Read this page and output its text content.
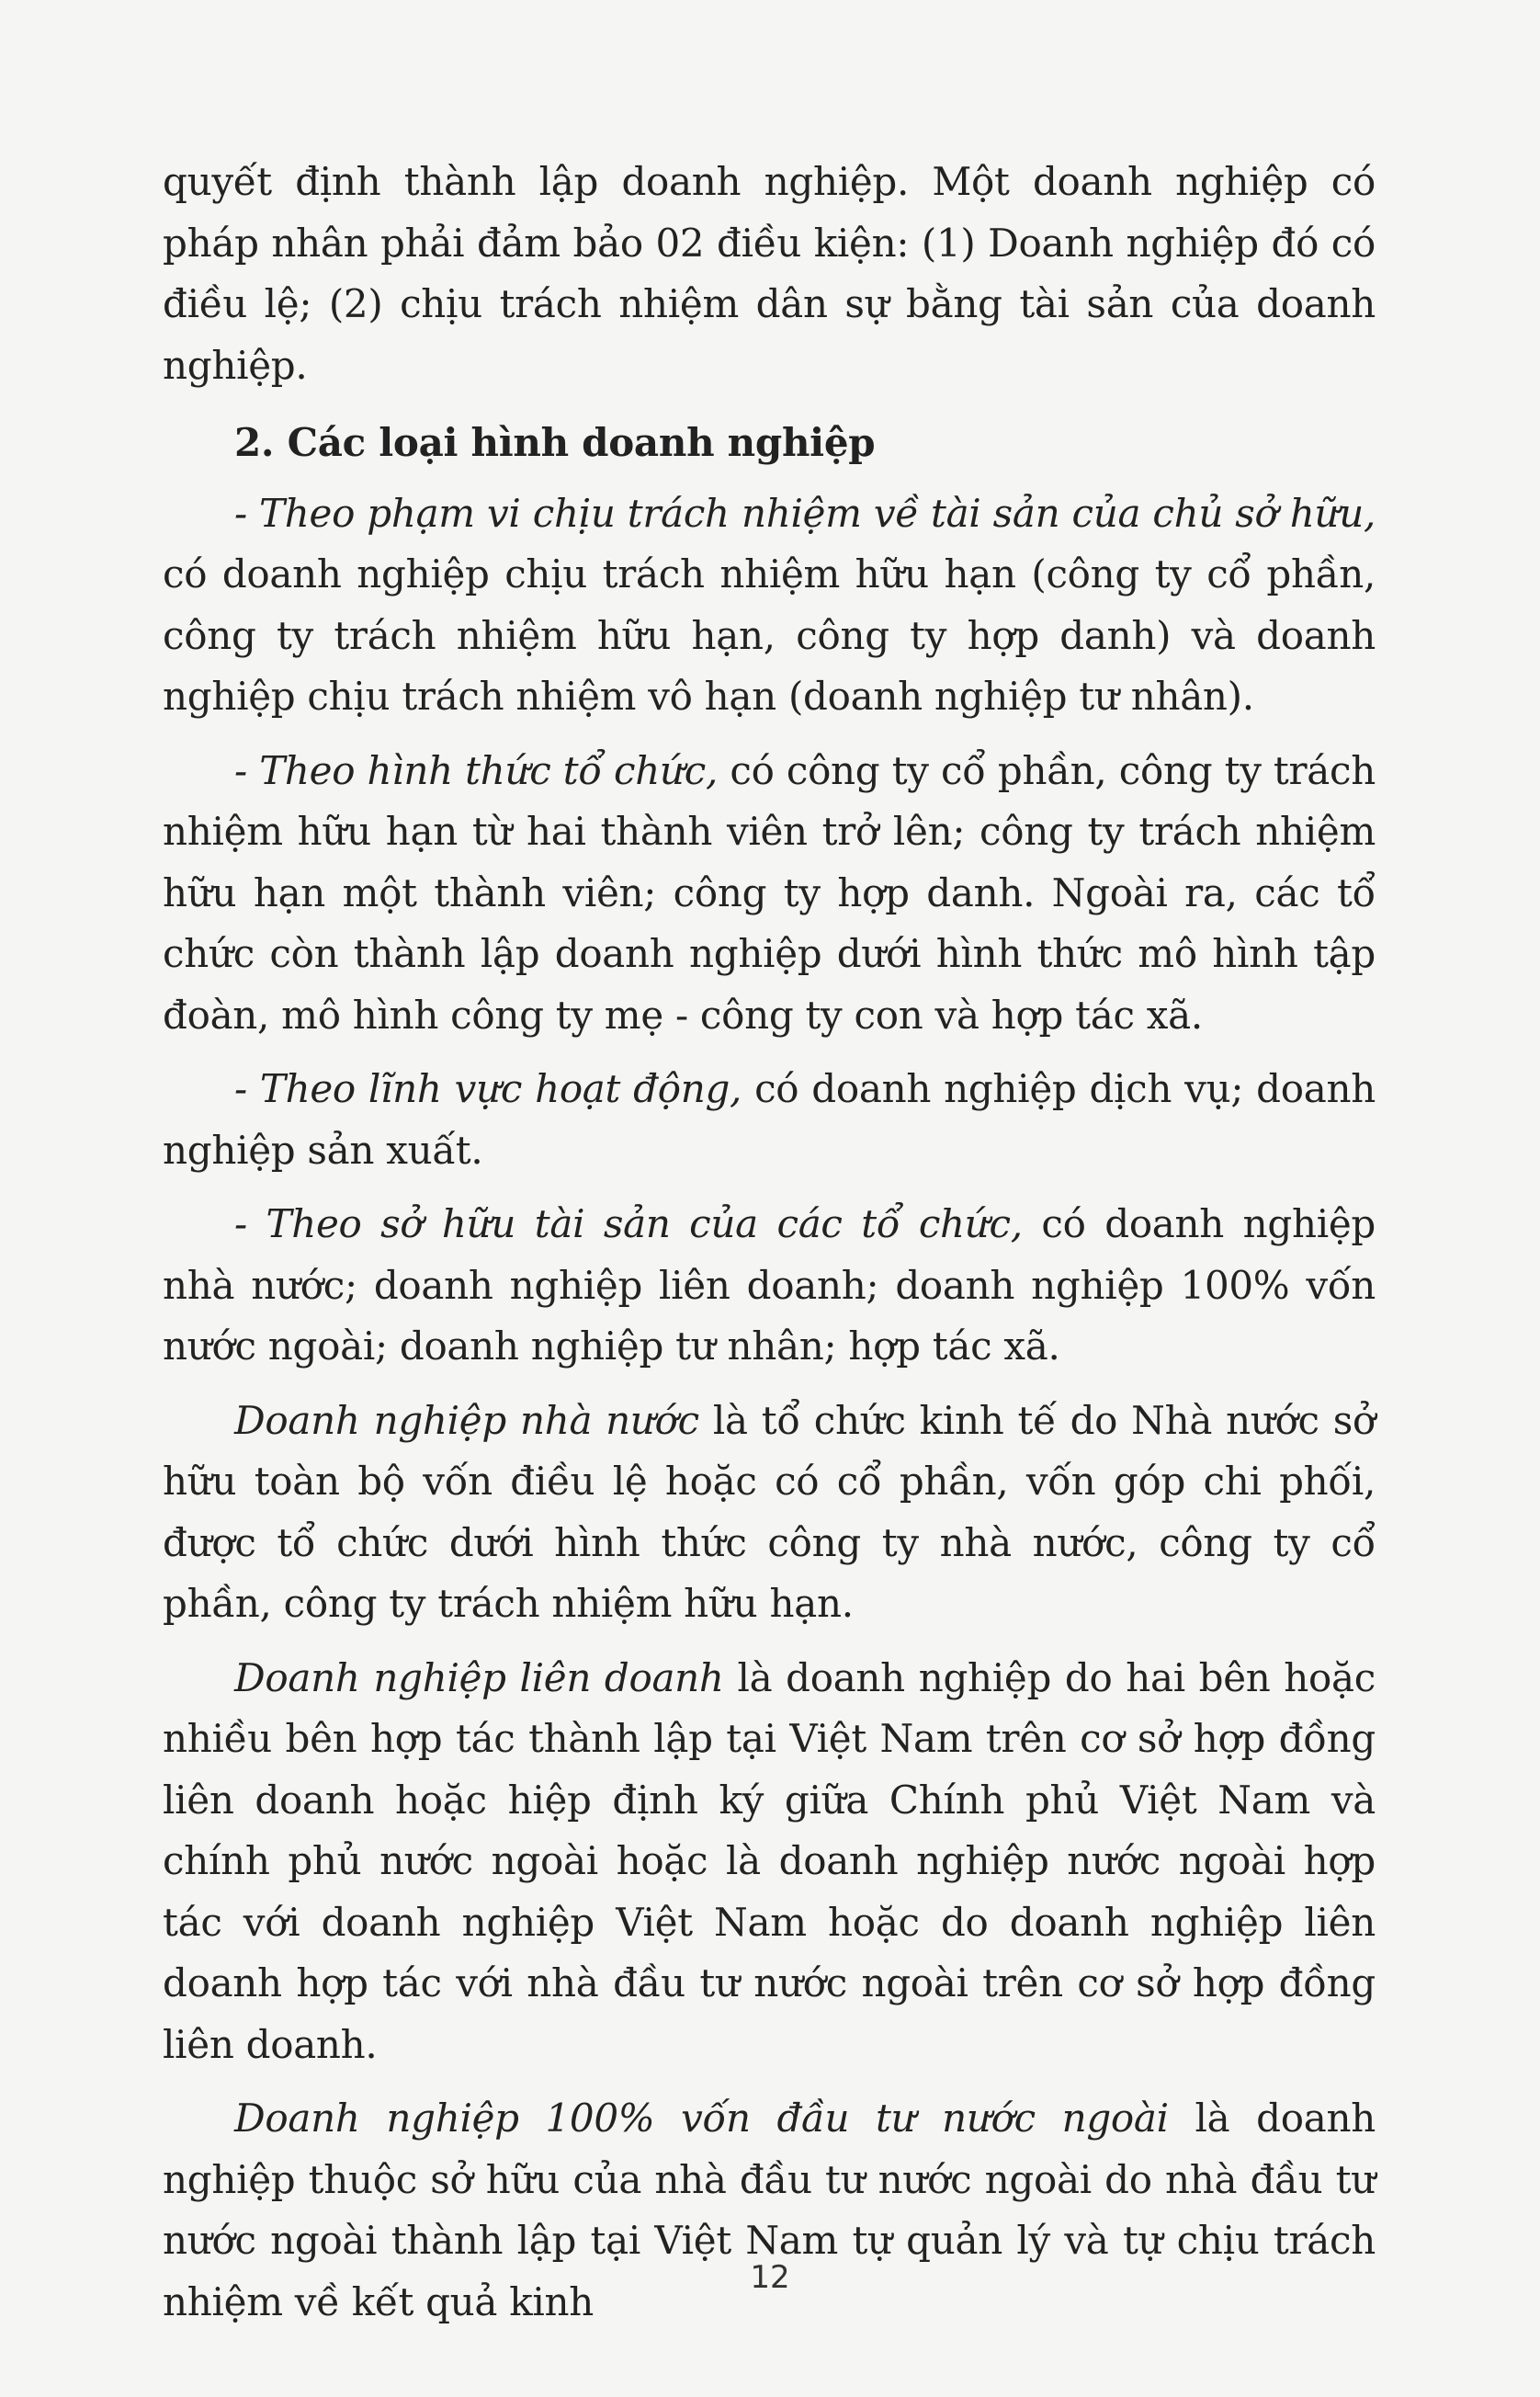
quyết định thành lập doanh nghiệp. Một doanh nghiệp có pháp nhân phải đảm bảo 02 điều kiện: (1) Doanh nghiệp đó có điều lệ; (2) chịu trách nhiệm dân sự bằng tài sản của doanh nghiệp.

2. Các loại hình doanh nghiệp

- Theo phạm vi chịu trách nhiệm về tài sản của chủ sở hữu, có doanh nghiệp chịu trách nhiệm hữu hạn (công ty cổ phần, công ty trách nhiệm hữu hạn, công ty hợp danh) và doanh nghiệp chịu trách nhiệm vô hạn (doanh nghiệp tư nhân).

- Theo hình thức tổ chức, có công ty cổ phần, công ty trách nhiệm hữu hạn từ hai thành viên trở lên; công ty trách nhiệm hữu hạn một thành viên; công ty hợp danh. Ngoài ra, các tổ chức còn thành lập doanh nghiệp dưới hình thức mô hình tập đoàn, mô hình công ty mẹ - công ty con và hợp tác xã.

- Theo lĩnh vực hoạt động, có doanh nghiệp dịch vụ; doanh nghiệp sản xuất.

- Theo sở hữu tài sản của các tổ chức, có doanh nghiệp nhà nước; doanh nghiệp liên doanh; doanh nghiệp 100% vốn nước ngoài; doanh nghiệp tư nhân; hợp tác xã.

Doanh nghiệp nhà nước là tổ chức kinh tế do Nhà nước sở hữu toàn bộ vốn điều lệ hoặc có cổ phần, vốn góp chi phối, được tổ chức dưới hình thức công ty nhà nước, công ty cổ phần, công ty trách nhiệm hữu hạn.

Doanh nghiệp liên doanh là doanh nghiệp do hai bên hoặc nhiều bên hợp tác thành lập tại Việt Nam trên cơ sở hợp đồng liên doanh hoặc hiệp định ký giữa Chính phủ Việt Nam và chính phủ nước ngoài hoặc là doanh nghiệp nước ngoài hợp tác với doanh nghiệp Việt Nam hoặc do doanh nghiệp liên doanh hợp tác với nhà đầu tư nước ngoài trên cơ sở hợp đồng liên doanh.

Doanh nghiệp 100% vốn đầu tư nước ngoài là doanh nghiệp thuộc sở hữu của nhà đầu tư nước ngoài do nhà đầu tư nước ngoài thành lập tại Việt Nam tự quản lý và tự chịu trách nhiệm về kết quả kinh

12
